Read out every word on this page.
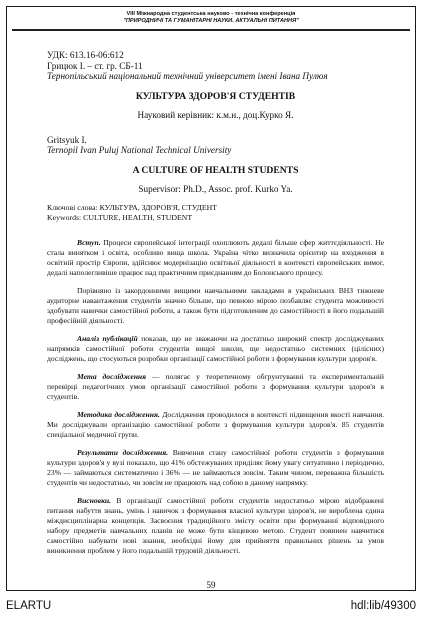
VIII Міжнародна студентська науково - технічна конференція
"ПРИРОДНИЧІ ТА ГУМАНІТАРНІ НАУКИ. АКТУАЛЬНІ ПИТАННЯ"
УДК: 613.16-06:612
Грицюк І. – ст. гр. СБ-11
Тернопільський національний технічний університет імені Івана Пулюя
КУЛЬТУРА ЗДОРОВ'Я СТУДЕНТІВ
Науковий керівник: к.м.н., доц.Курко Я.
Gritsyuk I.
Ternopil Ivan Puluj National Technical University
A CULTURE OF HEALTH STUDENTS
Supervisor: Ph.D., Assoc. prof. Kurko Ya.
Ключові слова: КУЛЬТУРА, ЗДОРОВ'Я, СТУДЕНТ
Keywords: CULTURE, HEALTH, STUDENT

Вступ. Процеси європейської інтеграції охоплюють дедалі більше сфер життєдіяльності. Не стала винятком і освіта, особливо вища школа. Україна чітко визначила орієнтир на входження в освітній простір Європи, здійснює модернізацію освітньої діяльності в контексті європейських вимог, дедалі наполегливіше працює над практичним приєднанням до Болонського процесу.

Порівняно із закордонними вищими навчальними закладами в українських ВНЗ тижневе аудиторне навантаження студентів значно більше, що певною мірою позбавляє студента можливості здобувати навички самостійної роботи, а також бути підготовленим до самостійності в його подальшій професійній діяльності.

Аналіз публікацій показав, що не зважаючи на достатньо широкий спектр досліджуваних напрямків самостійної роботи студентів вищої школи, ще недостатньо системних (цілісних) досліджень, що стосуються розробки організації самостійної роботи з формування культури здоров'я.

Мета дослідження — полягає у теоретичному обгрунтуванні та експериментальній перевірці педагогічних умов організації самостійної роботи з формування культури здоров'я в студентів.

Методика дослідження. Дослідження проводилося в контексті підвищення якості навчання. Ми досліджували організацію самостійної роботи з формування культури здоров'я. 85 студентів спеціальної медичної групи.

Результати дослідження. Вивчення стану самостійної роботи студентів з формування культури здоров'я у вузі показало, що 41% обстежуваних приділяє йому увагу ситуативно і періодично, 23% — займаються систематично і 36% — не займаються зовсім. Таким чином, переважна більшість студентів чи недостатньо, чи зовсім не працюють над собою в даному напрямку.

Висновки. В організації самостійної роботи студентів недостатньо мірою відображені питання набуття знань, умінь і навичок з формування власної культури здоров'я, не вироблена єдина міждисциплінарна концепція. Засвоєння традиційного змісту освіти при формуванні відповідного набору предметів навчальних планів не може бути кінцевою метою. Студент повинен навчитися самостійно набувати нові знання, необхідні йому для прийняття правильних рішень за умов виникнення проблем у його подальшій трудовій діяльності.

59
ELARTU	hdl:lib/49300
